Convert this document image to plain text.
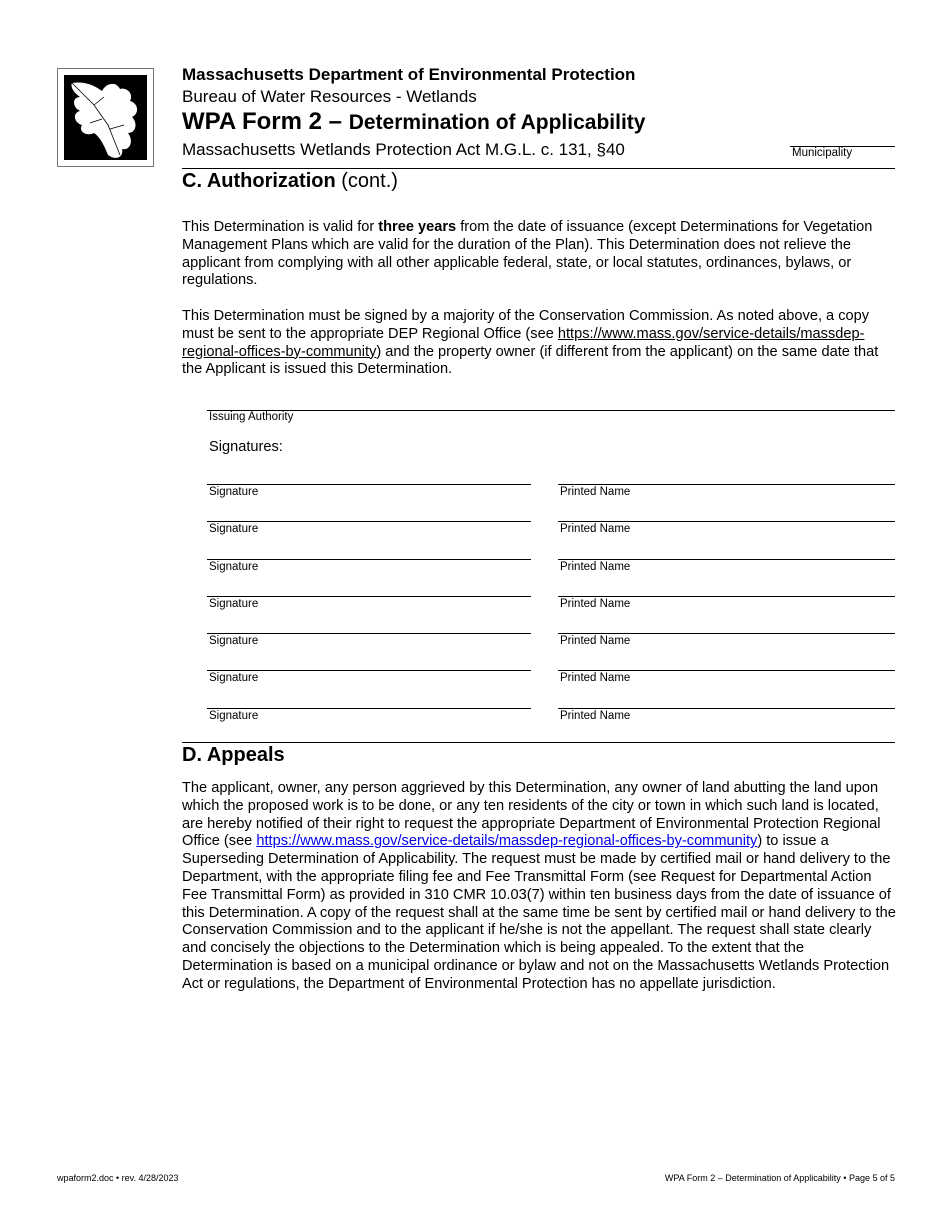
Massachusetts Department of Environmental Protection
Bureau of Water Resources - Wetlands
WPA Form 2 – Determination of Applicability
Massachusetts Wetlands Protection Act M.G.L. c. 131, §40	Municipality
C. Authorization (cont.)
This Determination is valid for three years from the date of issuance (except Determinations for Vegetation Management Plans which are valid for the duration of the Plan). This Determination does not relieve the applicant from complying with all other applicable federal, state, or local statutes, ordinances, bylaws, or regulations.
This Determination must be signed by a majority of the Conservation Commission. As noted above, a copy must be sent to the appropriate DEP Regional Office (see https://www.mass.gov/service-details/massdep-regional-offices-by-community) and the property owner (if different from the applicant) on the same date that the Applicant is issued this Determination.
Issuing Authority
Signatures:
Signature	Printed Name
Signature	Printed Name
Signature	Printed Name
Signature	Printed Name
Signature	Printed Name
Signature	Printed Name
Signature	Printed Name
D. Appeals
The applicant, owner, any person aggrieved by this Determination, any owner of land abutting the land upon which the proposed work is to be done, or any ten residents of the city or town in which such land is located, are hereby notified of their right to request the appropriate Department of Environmental Protection Regional Office (see https://www.mass.gov/service-details/massdep-regional-offices-by-community) to issue a Superseding Determination of Applicability. The request must be made by certified mail or hand delivery to the Department, with the appropriate filing fee and Fee Transmittal Form (see Request for Departmental Action Fee Transmittal Form) as provided in 310 CMR 10.03(7) within ten business days from the date of issuance of this Determination. A copy of the request shall at the same time be sent by certified mail or hand delivery to the Conservation Commission and to the applicant if he/she is not the appellant. The request shall state clearly and concisely the objections to the Determination which is being appealed. To the extent that the Determination is based on a municipal ordinance or bylaw and not on the Massachusetts Wetlands Protection Act or regulations, the Department of Environmental Protection has no appellate jurisdiction.
wpaform2.doc • rev. 4/28/2023	WPA Form 2 – Determination of Applicability • Page 5 of 5
